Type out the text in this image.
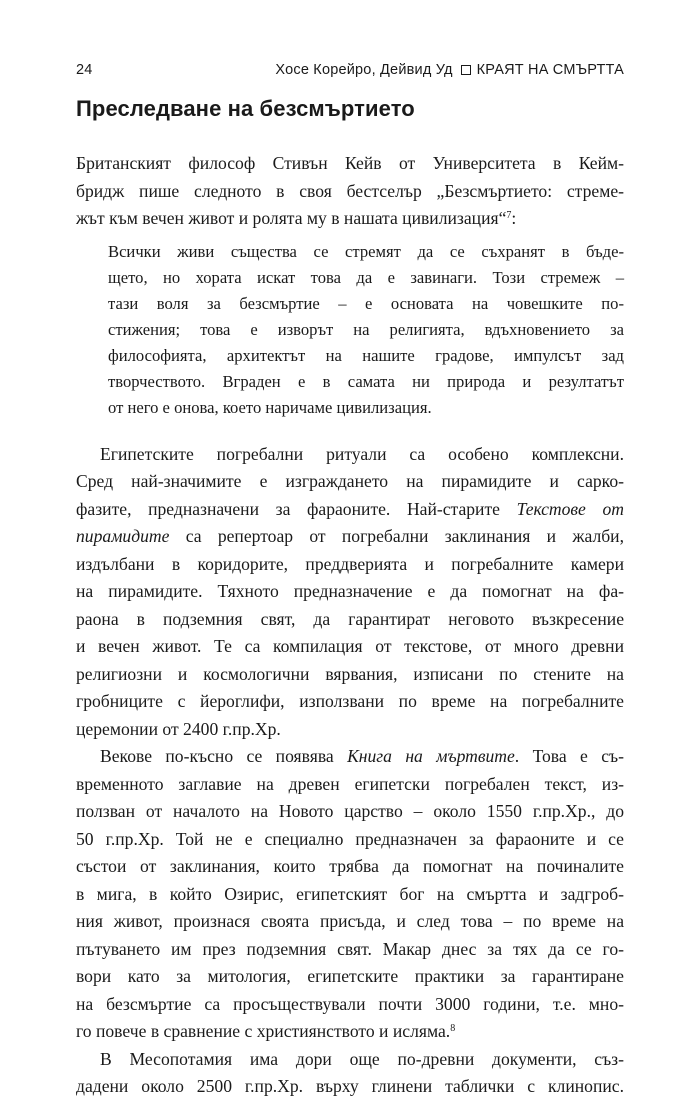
24	Хосе Корейро, Дейвид Уд КРАЯТ НА СМЪРТТА
Преследване на безсмъртието
Британският философ Стивън Кейв от Университета в Кейм-
бридж пише следното в своя бестселър „Безсмъртието: стреме-
жът към вечен живот и ролята му в нашата цивилизация“$^7$:
Всички живи същества се стремят да се съхранят в бъде-
щето, но хората искат това да е завинаги. Този стремеж –
тази воля за безсмъртие – е основата на човешките по-
стижения; това е изворът на религията, вдъхновението за
философията, архитектът на нашите градове, импулсът зад
творчеството. Вграден е в самата ни природа и резултатът
от него е онова, което наричаме цивилизация.
Египетските погребални ритуали са особено комплексни.
Сред най-значимите е изграждането на пирамидите и сарко-
фазите, предназначени за фараоните. Най-старите Текстове от
пирамидите са репертоар от погребални заклинания и жалби,
издълбани в коридорите, преддверията и погребалните камери
на пирамидите. Тяхното предназначение е да помогнат на фа-
раона в подземния свят, да гарантират неговото възкресение
и вечен живот. Те са компилация от текстове, от много древни
религиозни и космологични вярвания, изписани по стените на
гробниците с йероглифи, използвани по време на погребалните
церемонии от 2400 г.пр.Хр.
Векове по-късно се появява Книга на мъртвите. Това е съ-
временното заглавие на древен египетски погребален текст, из-
ползван от началото на Новото царство – около 1550 г.пр.Хр., до
50 г.пр.Хр. Той не е специално предназначен за фараоните и се
състои от заклинания, които трябва да помогнат на починалите
в мига, в който Озирис, египетският бог на смъртта и задгроб-
ния живот, произнася своята присъда, и след това – по време на
пътуването им през подземния свят. Макар днес за тях да се го-
вори като за митология, египетските практики за гарантиране
на безсмъртие са просъществували почти 3000 години, т.е. мно-
го повече в сравнение с християнството и исляма.$^8$
В Месопотамия има дори още по-древни документи, съз-
дадени около 2500 г.пр.Хр. върху глинени таблички с клинопис.
